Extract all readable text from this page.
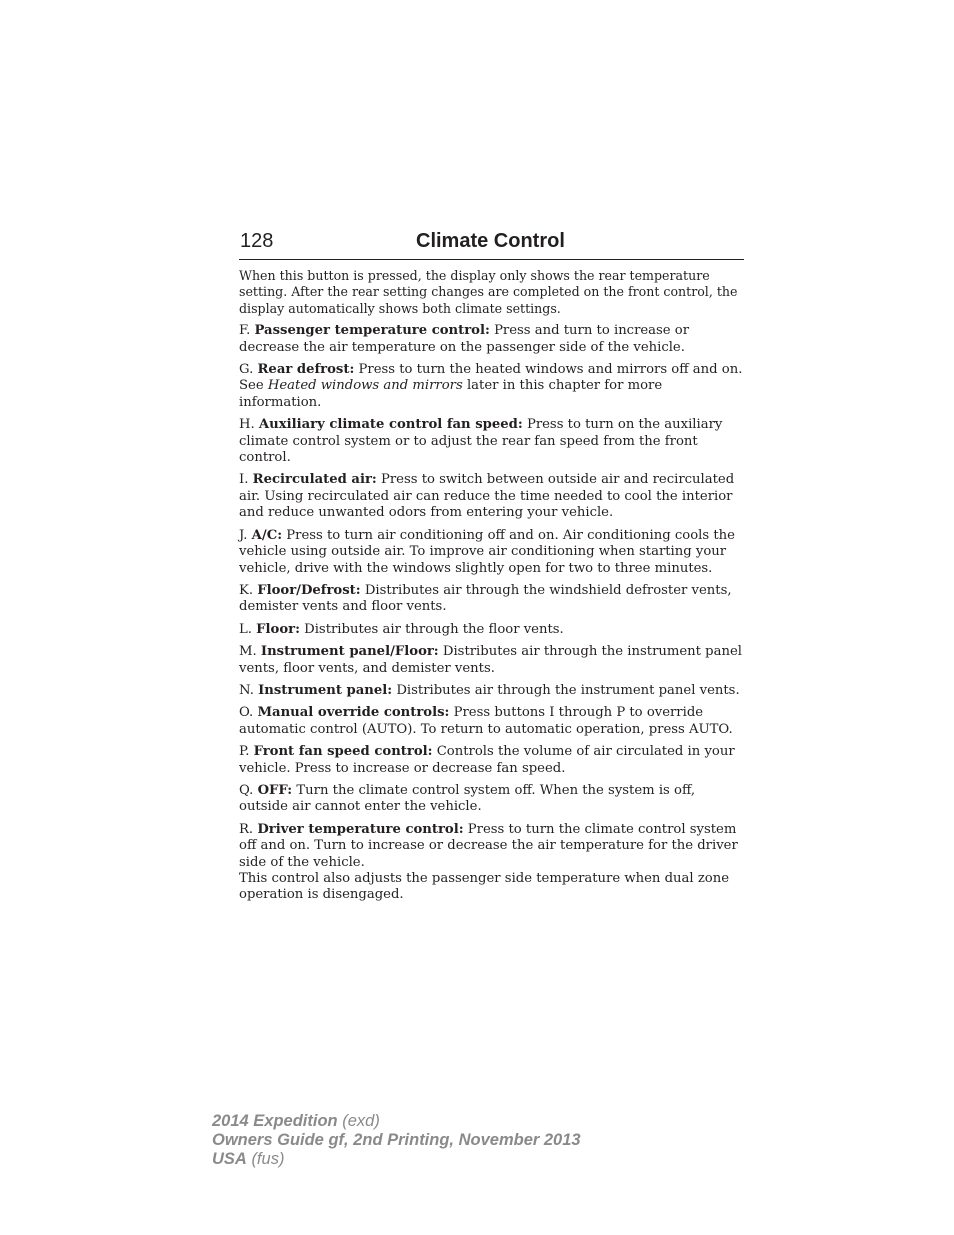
128	Climate Control

When this button is pressed, the display only shows the rear temperature setting. After the rear setting changes are completed on the front control, the display automatically shows both climate settings.

F. Passenger temperature control: Press and turn to increase or decrease the air temperature on the passenger side of the vehicle.

G. Rear defrost: Press to turn the heated windows and mirrors off and on. See Heated windows and mirrors later in this chapter for more information.

H. Auxiliary climate control fan speed: Press to turn on the auxiliary climate control system or to adjust the rear fan speed from the front control.

I. Recirculated air: Press to switch between outside air and recirculated air. Using recirculated air can reduce the time needed to cool the interior and reduce unwanted odors from entering your vehicle.

J. A/C: Press to turn air conditioning off and on. Air conditioning cools the vehicle using outside air. To improve air conditioning when starting your vehicle, drive with the windows slightly open for two to three minutes.

K. Floor/Defrost: Distributes air through the windshield defroster vents, demister vents and floor vents.

L. Floor: Distributes air through the floor vents.

M. Instrument panel/Floor: Distributes air through the instrument panel vents, floor vents, and demister vents.

N. Instrument panel: Distributes air through the instrument panel vents.

O. Manual override controls: Press buttons I through P to override automatic control (AUTO). To return to automatic operation, press AUTO.

P. Front fan speed control: Controls the volume of air circulated in your vehicle. Press to increase or decrease fan speed.

Q. OFF: Turn the climate control system off. When the system is off, outside air cannot enter the vehicle.

R. Driver temperature control: Press to turn the climate control system off and on. Turn to increase or decrease the air temperature for the driver side of the vehicle.

This control also adjusts the passenger side temperature when dual zone operation is disengaged.

2014 Expedition (exd)
Owners Guide gf, 2nd Printing, November 2013
USA (fus)
